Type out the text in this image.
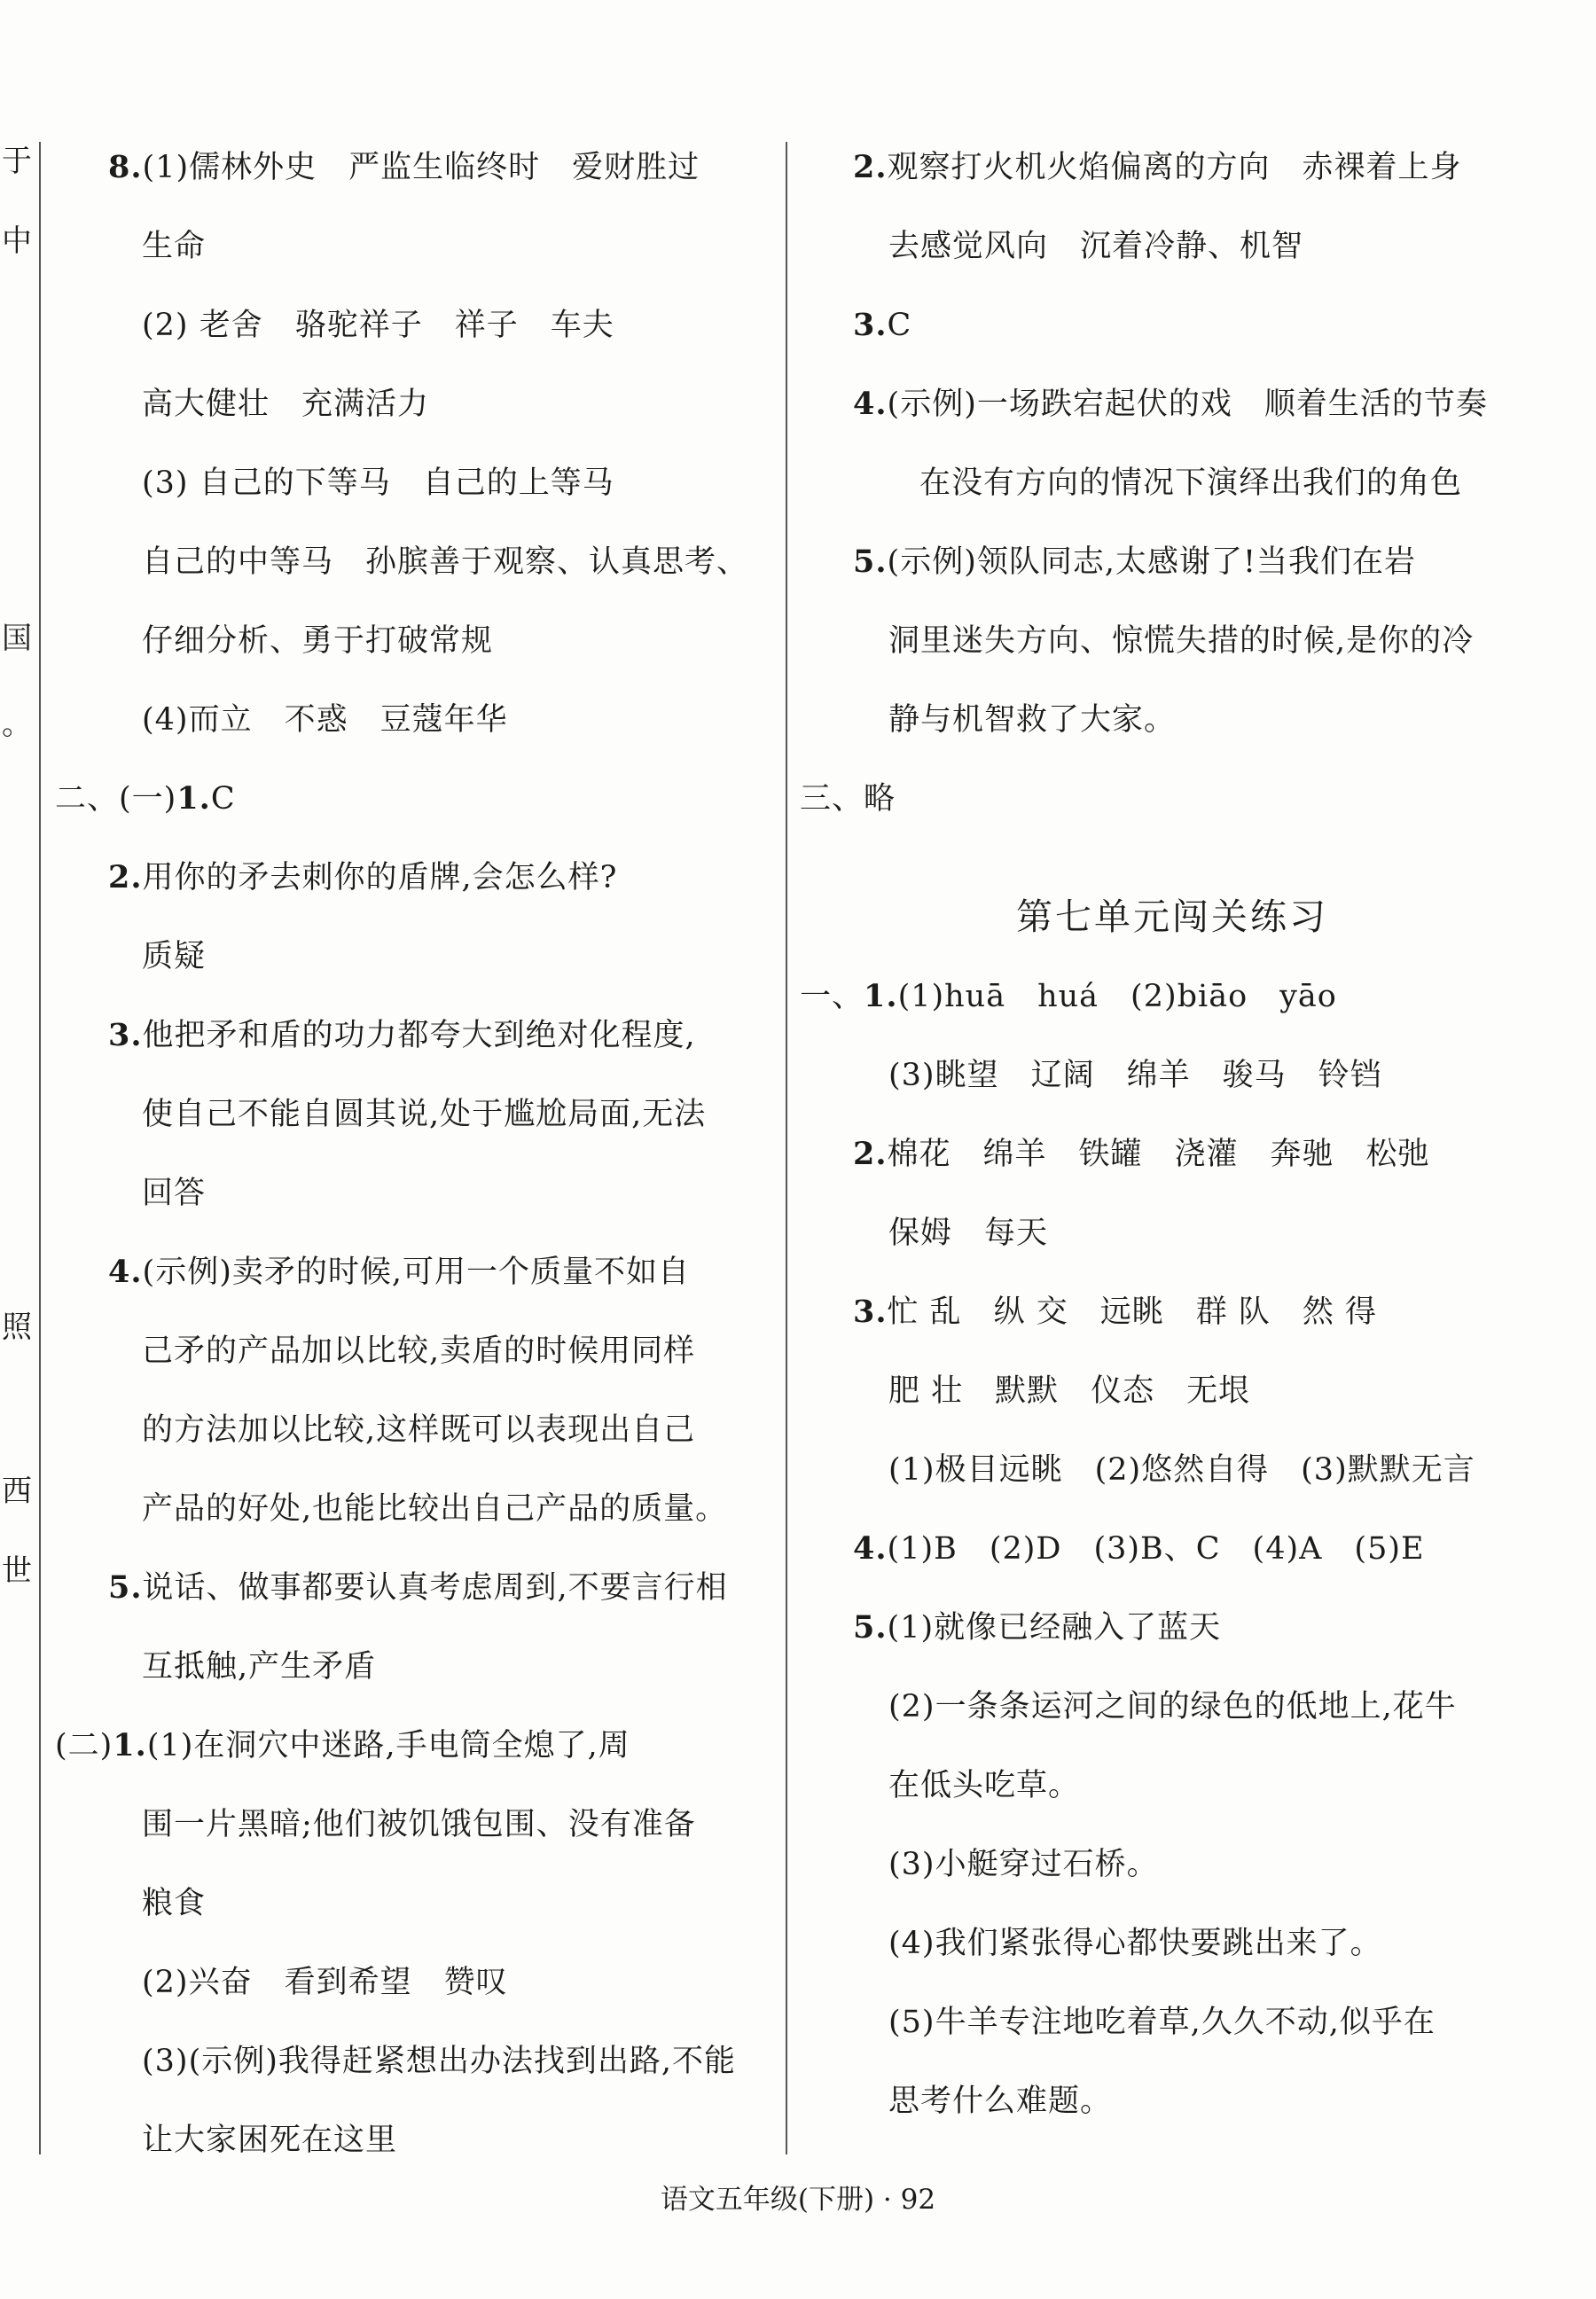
于
中
国
。
照
西
世
8.(1)儒林外史　严监生临终时　爱财胜过
生命
(2) 老舍　骆驼祥子　祥子　车夫
高大健壮　充满活力
(3) 自己的下等马　自己的上等马
自己的中等马　孙膑善于观察、认真思考、
仔细分析、勇于打破常规
(4)而立　不惑　豆蔻年华
二、(一)1.C
2.用你的矛去刺你的盾牌,会怎么样?
质疑
3.他把矛和盾的功力都夸大到绝对化程度,
使自己不能自圆其说,处于尴尬局面,无法
回答
4.(示例)卖矛的时候,可用一个质量不如自
己矛的产品加以比较,卖盾的时候用同样
的方法加以比较,这样既可以表现出自己
产品的好处,也能比较出自己产品的质量。
5.说话、做事都要认真考虑周到,不要言行相
互抵触,产生矛盾
(二)1.(1)在洞穴中迷路,手电筒全熄了,周
围一片黑暗;他们被饥饿包围、没有准备
粮食
(2)兴奋　看到希望　赞叹
(3)(示例)我得赶紧想出办法找到出路,不能
让大家困死在这里
2.观察打火机火焰偏离的方向　赤裸着上身
去感觉风向　沉着冷静、机智
3.C
4.(示例)一场跌宕起伏的戏　顺着生活的节奏
在没有方向的情况下演绎出我们的角色
5.(示例)领队同志,太感谢了!当我们在岩
洞里迷失方向、惊慌失措的时候,是你的冷
静与机智救了大家。
三、略
第七单元闯关练习
一、1.(1)huā　huá　(2)biāo　yāo
(3)眺望　辽阔　绵羊　骏马　铃铛
2.棉花　绵羊　铁罐　浇灌　奔驰　松弛
保姆　每天
3.忙 乱　纵 交　远眺　群 队　然 得
肥 壮　默默　仪态　无垠
(1)极目远眺　(2)悠然自得　(3)默默无言
4.(1)B　(2)D　(3)B、C　(4)A　(5)E
5.(1)就像已经融入了蓝天
(2)一条条运河之间的绿色的低地上,花牛
在低头吃草。
(3)小艇穿过石桥。
(4)我们紧张得心都快要跳出来了。
(5)牛羊专注地吃着草,久久不动,似乎在
思考什么难题。
语文五年级(下册) · 92
